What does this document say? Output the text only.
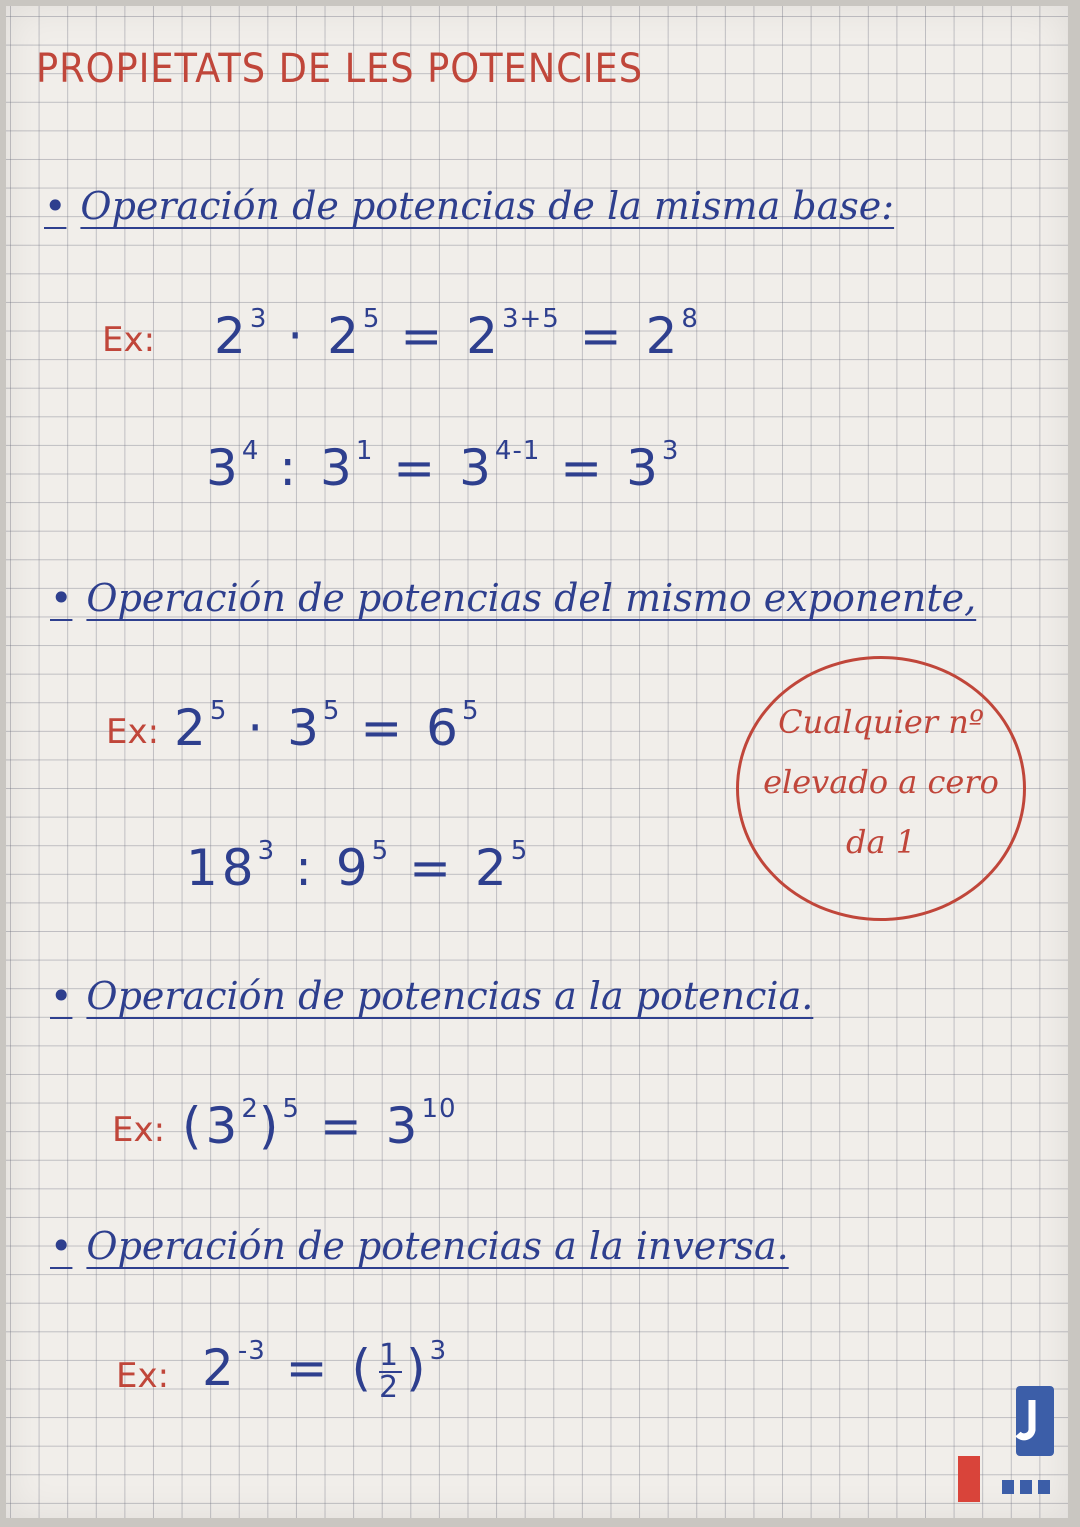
PROPIETATS DE LES POTENCIES
• Operación de potencias de la misma base:
Ex: $2^3 \cdot 2^5 = 2^{3+5} = 2^8$
$3^4$ : $3^1 = 3^{4-1} = 3^3$
• Operación de potencias del mismo exponente,
Ex: $2^5 \cdot 3^5 = 6^5$
$18^3$ : $9^5 = 2^5$
Cualquier nº
elevado a cero
da 1
• Operación de potencias a la potencia.
Ex: $(3^2)^5 = 3^{10}$
• Operación de potencias a la inversa.
Ex: $2^{-3}$ = ( $\frac{1}{2} )^3$
